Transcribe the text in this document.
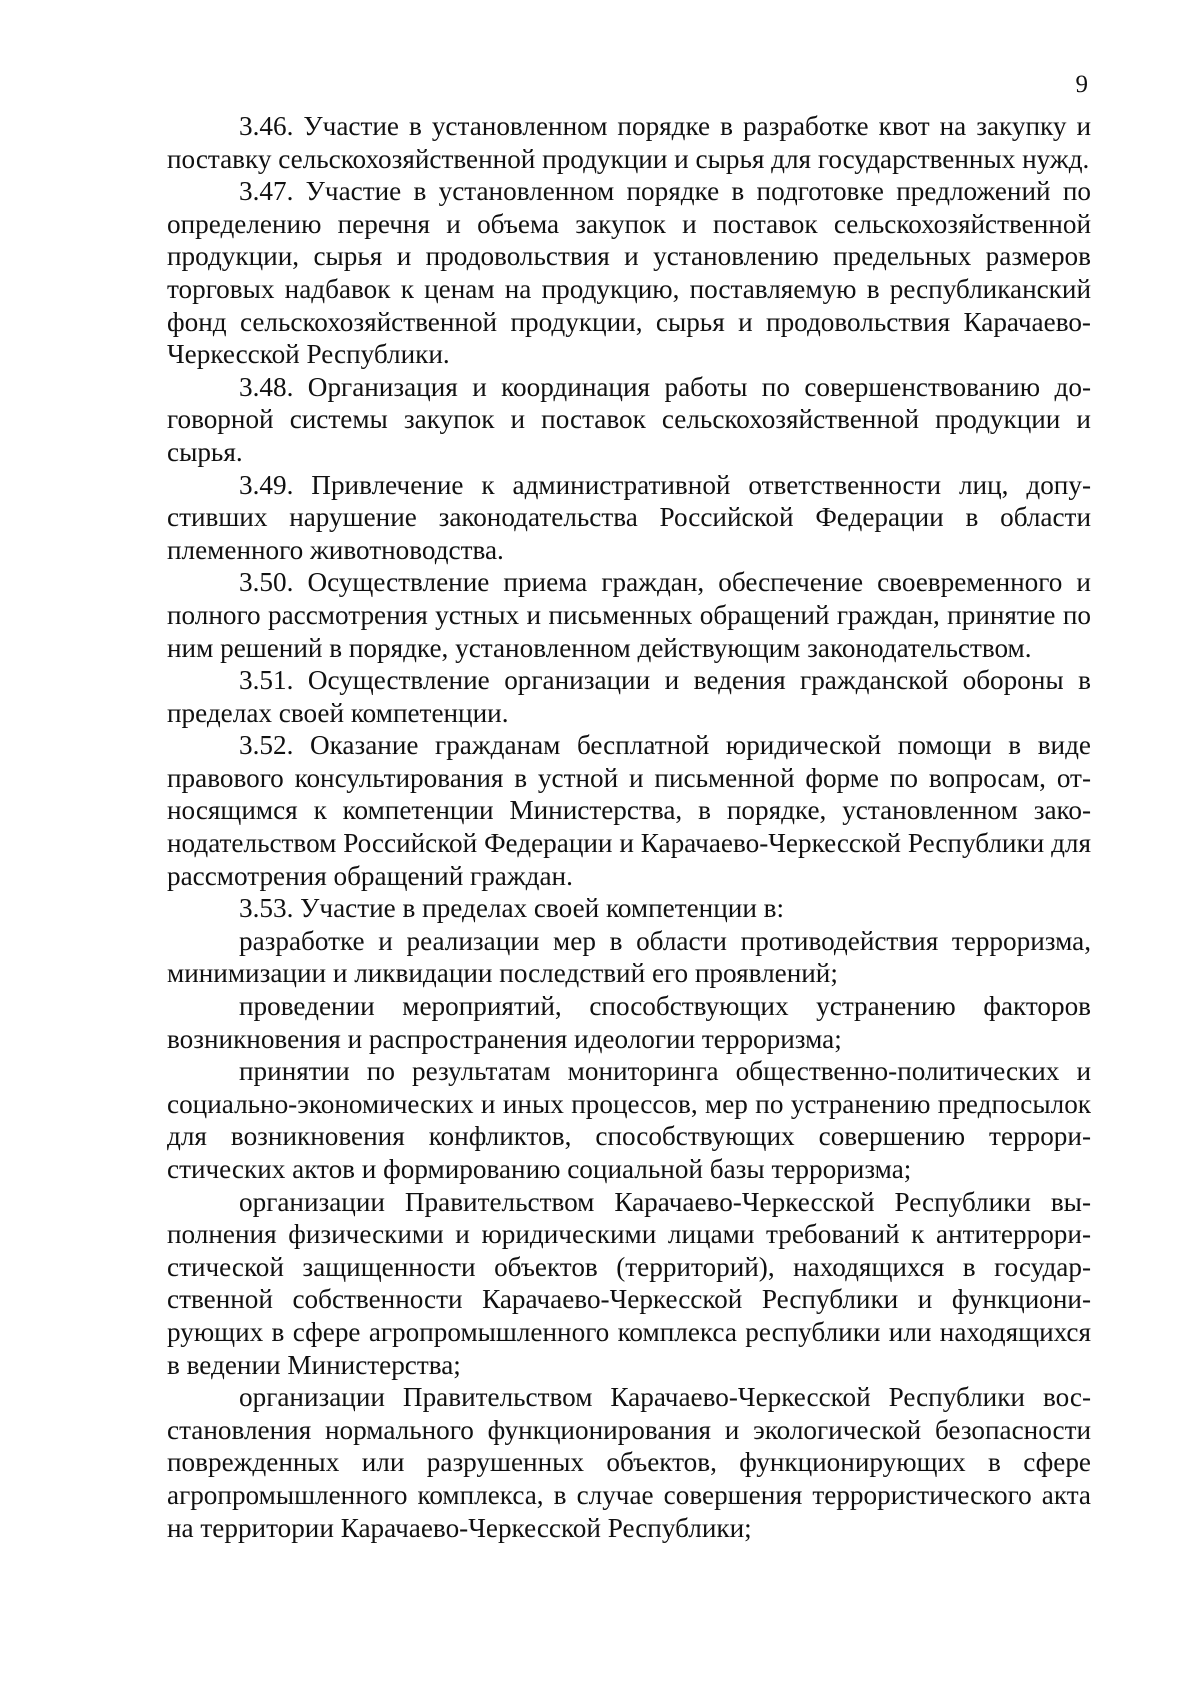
9

3.46. Участие в установленном порядке в разработке квот на закупку и поставку сельскохозяйственной продукции и сырья для государственных нужд.

3.47. Участие в установленном порядке в подготовке предложений по определению перечня и объема закупок и поставок сельскохозяйственной продукции, сырья и продовольствия и установлению предельных размеров торговых надбавок к ценам на продукцию, поставляемую в республиканский фонд сельскохозяйственной продукции, сырья и продовольствия Карачаево-Черкесской Республики.

3.48. Организация и координация работы по совершенствованию договорной системы закупок и поставок сельскохозяйственной продукции и сырья.

3.49. Привлечение к административной ответственности лиц, допустивших нарушение законодательства Российской Федерации в области племенного животноводства.

3.50. Осуществление приема граждан, обеспечение своевременного и полного рассмотрения устных и письменных обращений граждан, принятие по ним решений в порядке, установленном действующим законодательством.

3.51. Осуществление организации и ведения гражданской обороны в пределах своей компетенции.

3.52. Оказание гражданам бесплатной юридической помощи в виде правового консультирования в устной и письменной форме по вопросам, относящимся к компетенции Министерства, в порядке, установленном законодательством Российской Федерации и Карачаево-Черкесской Республики для рассмотрения обращений граждан.

3.53. Участие в пределах своей компетенции в:

разработке и реализации мер в области противодействия терроризма, минимизации и ликвидации последствий его проявлений;

проведении мероприятий, способствующих устранению факторов возникновения и распространения идеологии терроризма;

принятии по результатам мониторинга общественно-политических и социально-экономических и иных процессов, мер по устранению предпосылок для возникновения конфликтов, способствующих совершению террористических актов и формированию социальной базы терроризма;

организации Правительством Карачаево-Черкесской Республики выполнения физическими и юридическими лицами требований к антитеррористической защищенности объектов (территорий), находящихся в государственной собственности Карачаево-Черкесской Республики и функционирующих в сфере агропромышленного комплекса республики или находящихся в ведении Министерства;

организации Правительством Карачаево-Черкесской Республики восстановления нормального функционирования и экологической безопасности поврежденных или разрушенных объектов, функционирующих в сфере агропромышленного комплекса, в случае совершения террористического акта на территории Карачаево-Черкесской Республики;
